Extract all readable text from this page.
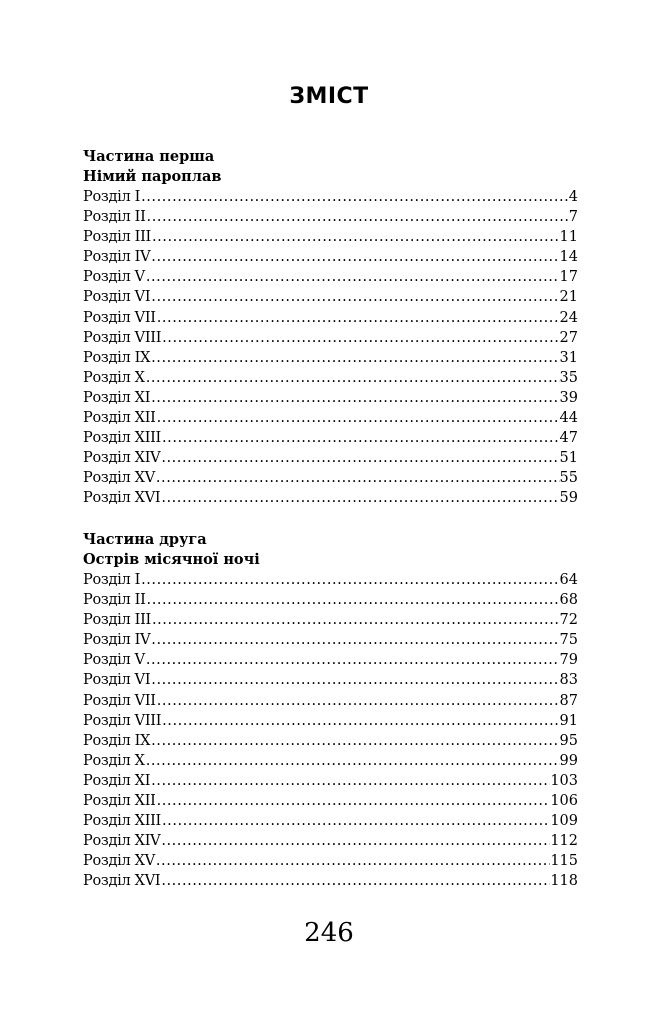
ЗМІСТ
Частина перша
Німий пароплав
Розділ I .....	4
Розділ II .....	7
Розділ III .....	11
Розділ IV .....	14
Розділ V .....	17
Розділ VI .....	21
Розділ VII .....	24
Розділ VIII .....	27
Розділ IX .....	31
Розділ X .....	35
Розділ XI .....	39
Розділ XII .....	44
Розділ XIII .....	47
Розділ XIV .....	51
Розділ XV .....	55
Розділ XVI .....	59
Частина друга
Острів місячної ночі
Розділ I .....	64
Розділ II .....	68
Розділ III .....	72
Розділ IV .....	75
Розділ V .....	79
Розділ VI .....	83
Розділ VII .....	87
Розділ VIII .....	91
Розділ IX .....	95
Розділ X .....	99
Розділ XI .....	103
Розділ XII .....	106
Розділ XIII .....	109
Розділ XIV .....	112
Розділ XV .....	115
Розділ XVI .....	118
246
